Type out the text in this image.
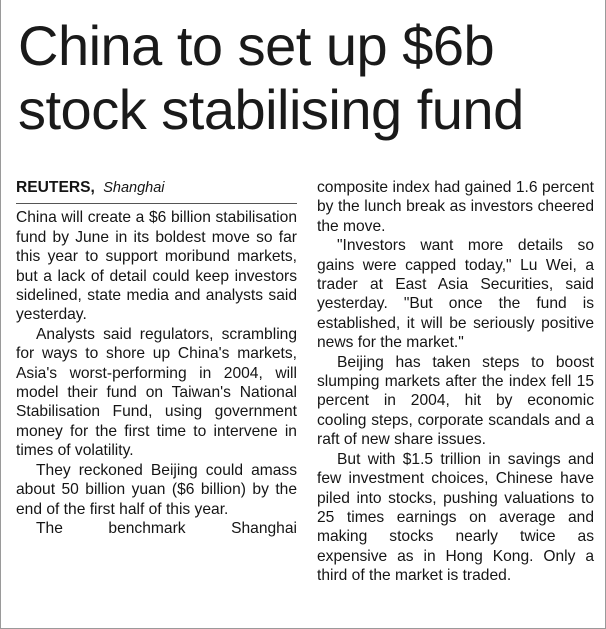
China to set up $6b
stock stabilising fund
REUTERS, Shanghai

China will create a $6 billion stabilisation fund by June in its boldest move so far this year to support moribund markets, but a lack of detail could keep investors sidelined, state media and analysts said yesterday.

Analysts said regulators, scrambling for ways to shore up China's markets, Asia's worst-performing in 2004, will model their fund on Taiwan's National Stabilisation Fund, using government money for the first time to intervene in times of volatility.

They reckoned Beijing could amass about 50 billion yuan ($6 billion) by the end of the first half of this year.

The benchmark Shanghai

composite index had gained 1.6 percent by the lunch break as investors cheered the move.

"Investors want more details so gains were capped today," Lu Wei, a trader at East Asia Securities, said yesterday. "But once the fund is established, it will be seriously positive news for the market."

Beijing has taken steps to boost slumping markets after the index fell 15 percent in 2004, hit by economic cooling steps, corporate scandals and a raft of new share issues.

But with $1.5 trillion in savings and few investment choices, Chinese have piled into stocks, pushing valuations to 25 times earnings on average and making stocks nearly twice as expensive as in Hong Kong. Only a third of the market is traded.
